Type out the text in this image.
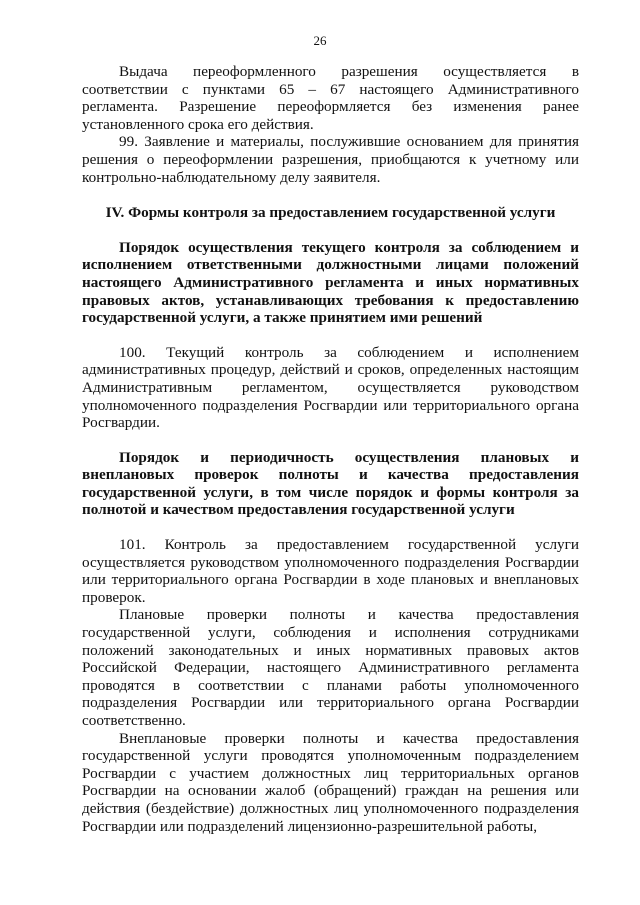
26
Выдача переоформленного разрешения осуществляется в соответствии с пунктами 65 – 67 настоящего Административного регламента. Разрешение переоформляется без изменения ранее установленного срока его действия.
99. Заявление и материалы, послужившие основанием для принятия решения о переоформлении разрешения, приобщаются к учетному или контрольно-наблюдательному делу заявителя.
IV. Формы контроля за предоставлением государственной услуги
Порядок осуществления текущего контроля за соблюдением и исполнением ответственными должностными лицами положений настоящего Административного регламента и иных нормативных правовых актов, устанавливающих требования к предоставлению государственной услуги, а также принятием ими решений
100. Текущий контроль за соблюдением и исполнением административных процедур, действий и сроков, определенных настоящим Административным регламентом, осуществляется руководством уполномоченного подразделения Росгвардии или территориального органа Росгвардии.
Порядок и периодичность осуществления плановых и внеплановых проверок полноты и качества предоставления государственной услуги, в том числе порядок и формы контроля за полнотой и качеством предоставления государственной услуги
101. Контроль за предоставлением государственной услуги осуществляется руководством уполномоченного подразделения Росгвардии или территориального органа Росгвардии в ходе плановых и внеплановых проверок.
Плановые проверки полноты и качества предоставления государственной услуги, соблюдения и исполнения сотрудниками положений законодательных и иных нормативных правовых актов Российской Федерации, настоящего Административного регламента проводятся в соответствии с планами работы уполномоченного подразделения Росгвардии или территориального органа Росгвардии соответственно.
Внеплановые проверки полноты и качества предоставления государственной услуги проводятся уполномоченным подразделением Росгвардии с участием должностных лиц территориальных органов Росгвардии на основании жалоб (обращений) граждан на решения или действия (бездействие) должностных лиц уполномоченного подразделения Росгвардии или подразделений лицензионно-разрешительной работы,
